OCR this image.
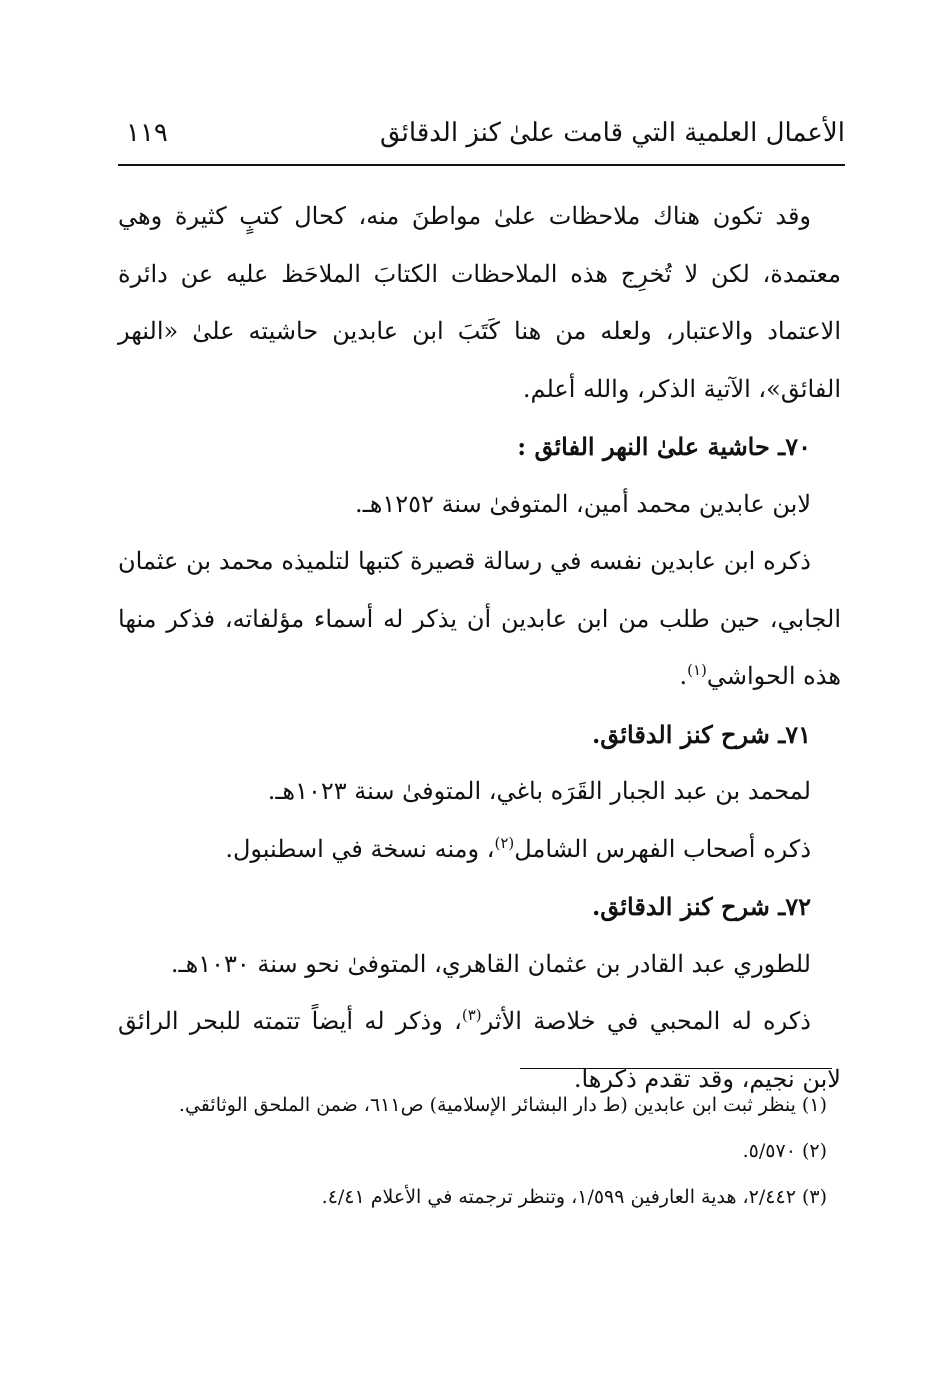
الأعمال العلمية التي قامت علىٰ كنز الدقائق
١١٩

وقد تكون هناك ملاحظات علىٰ مواطنَ منه، كحال كتبٍ كثيرة وهي معتمدة، لكن لا تُخرِج هذه الملاحظات الكتابَ الملاحَظ عليه عن دائرة الاعتماد والاعتبار، ولعله من هنا كَتَبَ ابن عابدين حاشيته علىٰ «النهر الفائق»، الآتية الذكر، والله أعلم.

٧٠ـ حاشية علىٰ النهر الفائق :

لابن عابدين محمد أمين، المتوفىٰ سنة ١٢٥٢هـ.

ذكره ابن عابدين نفسه في رسالة قصيرة كتبها لتلميذه محمد بن عثمان الجابي، حين طلب من ابن عابدين أن يذكر له أسماء مؤلفاته، فذكر منها هذه الحواشي$^{(١)}$.

٧١ـ شرح كنز الدقائق.

لمحمد بن عبد الجبار القَرَه باغي، المتوفىٰ سنة ١٠٢٣هـ.

ذكره أصحاب الفهرس الشامل$^{(٢)}$، ومنه نسخة في اسطنبول.

٧٢ـ شرح كنز الدقائق.

للطوري عبد القادر بن عثمان القاهري، المتوفىٰ نحو سنة ١٠٣٠هـ.

ذكره له المحبي في خلاصة الأثر$^{(٣)}$، وذكر له أيضاً تتمته للبحر الرائق لابن نجيم، وقد تقدم ذكرها.

(١) ينظر ثبت ابن عابدين (ط دار البشائر الإسلامية) ص٦١١، ضمن الملحق الوثائقي.

(٢) ٥/٥٧٠.

(٣) ٢/٤٤٢، هدية العارفين ١/٥٩٩، وتنظر ترجمته في الأعلام ٤/٤١.
